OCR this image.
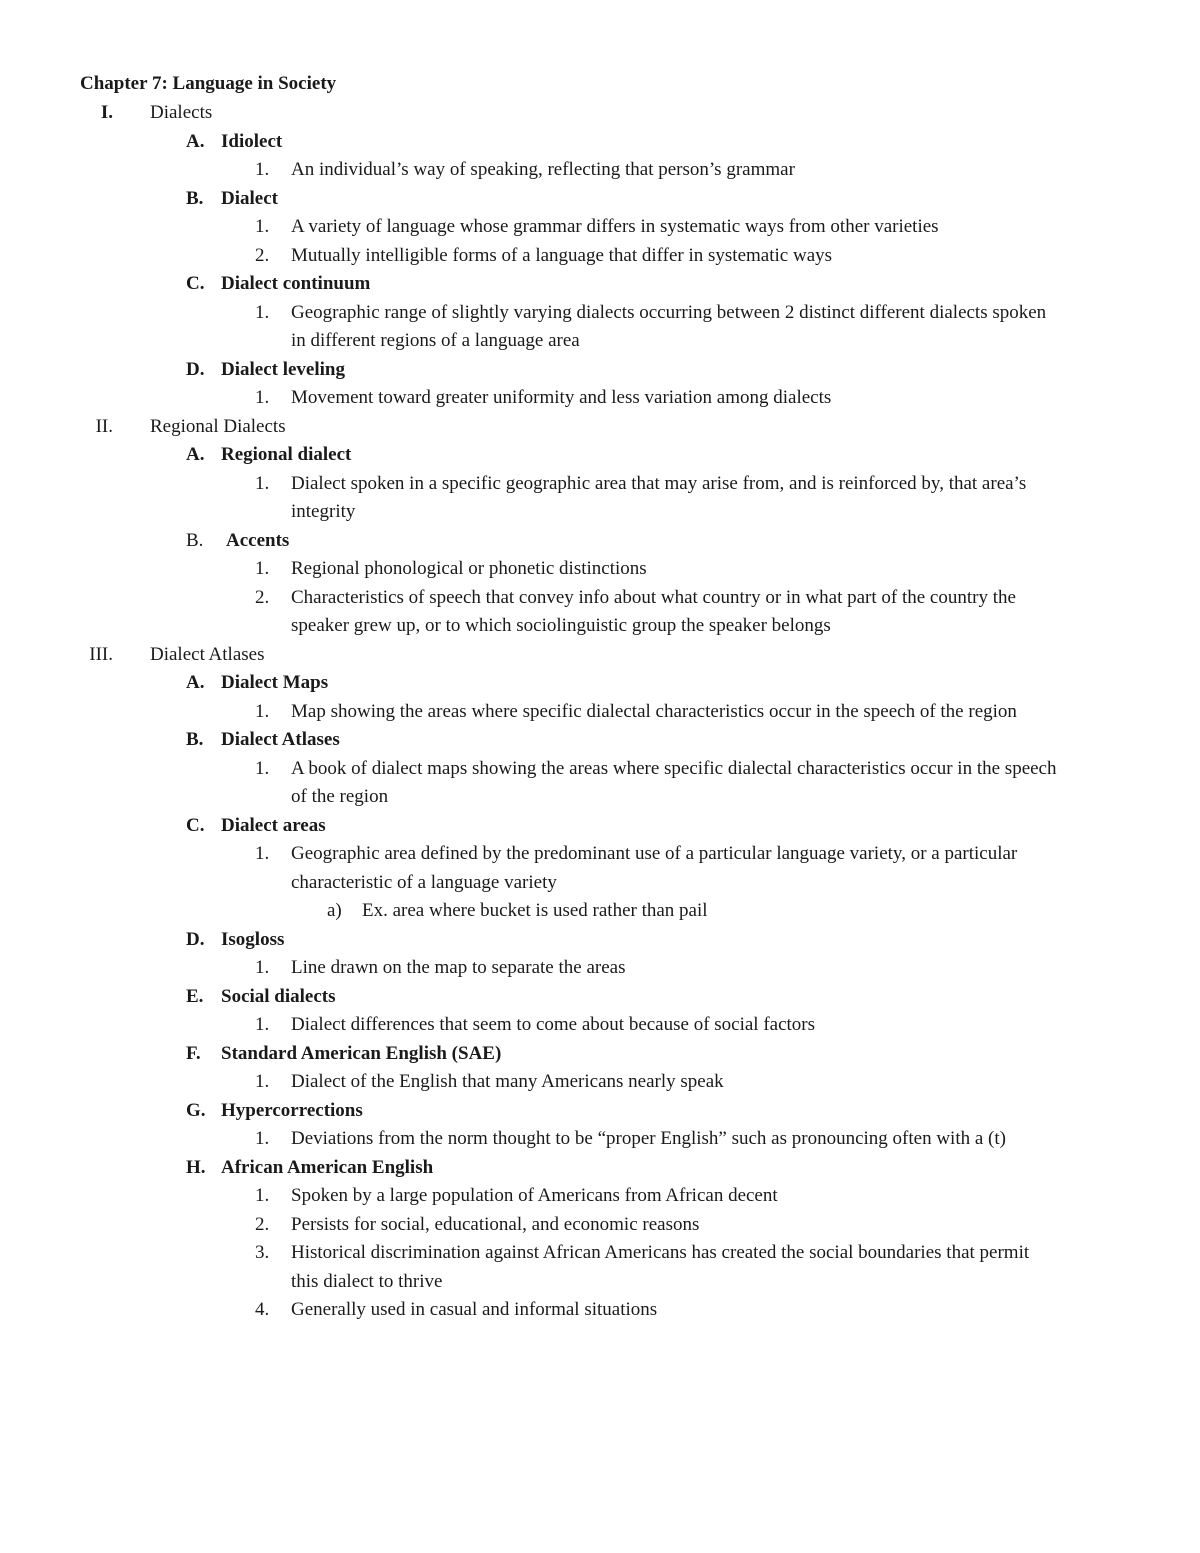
Chapter 7: Language in Society
I. Dialects
A. Idiolect
1. An individual’s way of speaking, reflecting that person’s grammar
B. Dialect
1. A variety of language whose grammar differs in systematic ways from other varieties
2. Mutually intelligible forms of a language that differ in systematic ways
C. Dialect continuum
1. Geographic range of slightly varying dialects occurring between 2 distinct different dialects spoken in different regions of a language area
D. Dialect leveling
1. Movement toward greater uniformity and less variation among dialects
II. Regional Dialects
A. Regional dialect
1. Dialect spoken in a specific geographic area that may arise from, and is reinforced by, that area’s integrity
B. Accents
1. Regional phonological or phonetic distinctions
2. Characteristics of speech that convey info about what country or in what part of the country the speaker grew up, or to which sociolinguistic group the speaker belongs
III. Dialect Atlases
A. Dialect Maps
1. Map showing the areas where specific dialectal characteristics occur in the speech of the region
B. Dialect Atlases
1. A book of dialect maps showing the areas where specific dialectal characteristics occur in the speech of the region
C. Dialect areas
1. Geographic area defined by the predominant use of a particular language variety, or a particular characteristic of a language variety
a) Ex. area where bucket is used rather than pail
D. Isogloss
1. Line drawn on the map to separate the areas
E. Social dialects
1. Dialect differences that seem to come about because of social factors
F. Standard American English (SAE)
1. Dialect of the English that many Americans nearly speak
G. Hypercorrections
1. Deviations from the norm thought to be “proper English” such as pronouncing often with a (t)
H. African American English
1. Spoken by a large population of Americans from African decent
2. Persists for social, educational, and economic reasons
3. Historical discrimination against African Americans has created the social boundaries that permit this dialect to thrive
4. Generally used in casual and informal situations
